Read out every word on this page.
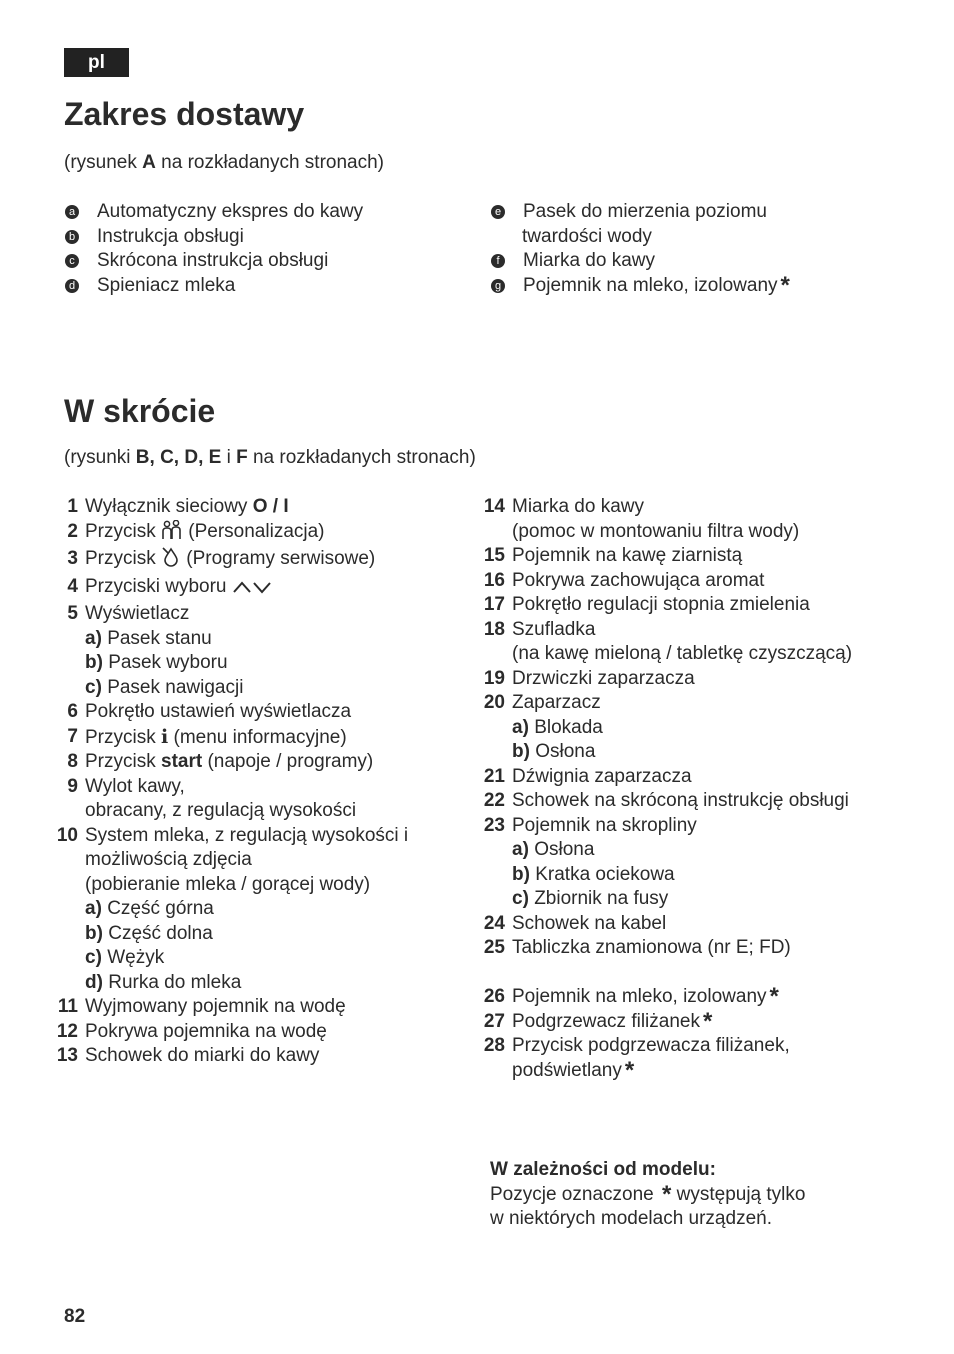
pl
Zakres dostawy
(rysunek A na rozkładanych stronach)
a Automatyczny ekspres do kawy
b Instrukcja obsługi
c Skrócona instrukcja obsługi
d Spieniacz mleka
e Pasek do mierzenia poziomu
twardości wody
f Miarka do kawy
g Pojemnik na mleko, izolowany *
W skrócie
(rysunki B, C, D, E i F na rozkładanych stronach)
1 Wyłącznik sieciowy O / I
2 Przycisk  (Personalizacja)
3 Przycisk  (Programy serwisowe)
4 Przyciski wyboru
5 Wyświetlacz
a) Pasek stanu
b) Pasek wyboru
c) Pasek nawigacji
6 Pokrętło ustawień wyświetlacza
7 Przycisk i (menu informacyjne)
8 Przycisk start (napoje / programy)
9 Wylot kawy,
obracany, z regulacją wysokości
10 System mleka, z regulacją wysokości i
możliwością zdjęcia
(pobieranie mleka / gorącej wody)
a) Część górna
b) Część dolna
c) Wężyk
d) Rurka do mleka
11 Wyjmowany pojemnik na wodę
12 Pokrywa pojemnika na wodę
13 Schowek do miarki do kawy
14 Miarka do kawy
(pomoc w montowaniu filtra wody)
15 Pojemnik na kawę ziarnistą
16 Pokrywa zachowująca aromat
17 Pokrętło regulacji stopnia zmielenia
18 Szufladka
(na kawę mieloną / tabletkę czyszczącą)
19 Drzwiczki zaparzacza
20 Zaparzacz
a) Blokada
b) Osłona
21 Dźwignia zaparzacza
22 Schowek na skróconą instrukcję obsługi
23 Pojemnik na skropliny
a) Osłona
b) Kratka ociekowa
c) Zbiornik na fusy
24 Schowek na kabel
25 Tabliczka znamionowa (nr E; FD)
26 Pojemnik na mleko, izolowany *
27 Podgrzewacz filiżanek *
28 Przycisk podgrzewacza filiżanek,
podświetlany *
W zależności od modelu:
Pozycje oznaczone * występują tylko
w niektórych modelach urządzeń.
82
